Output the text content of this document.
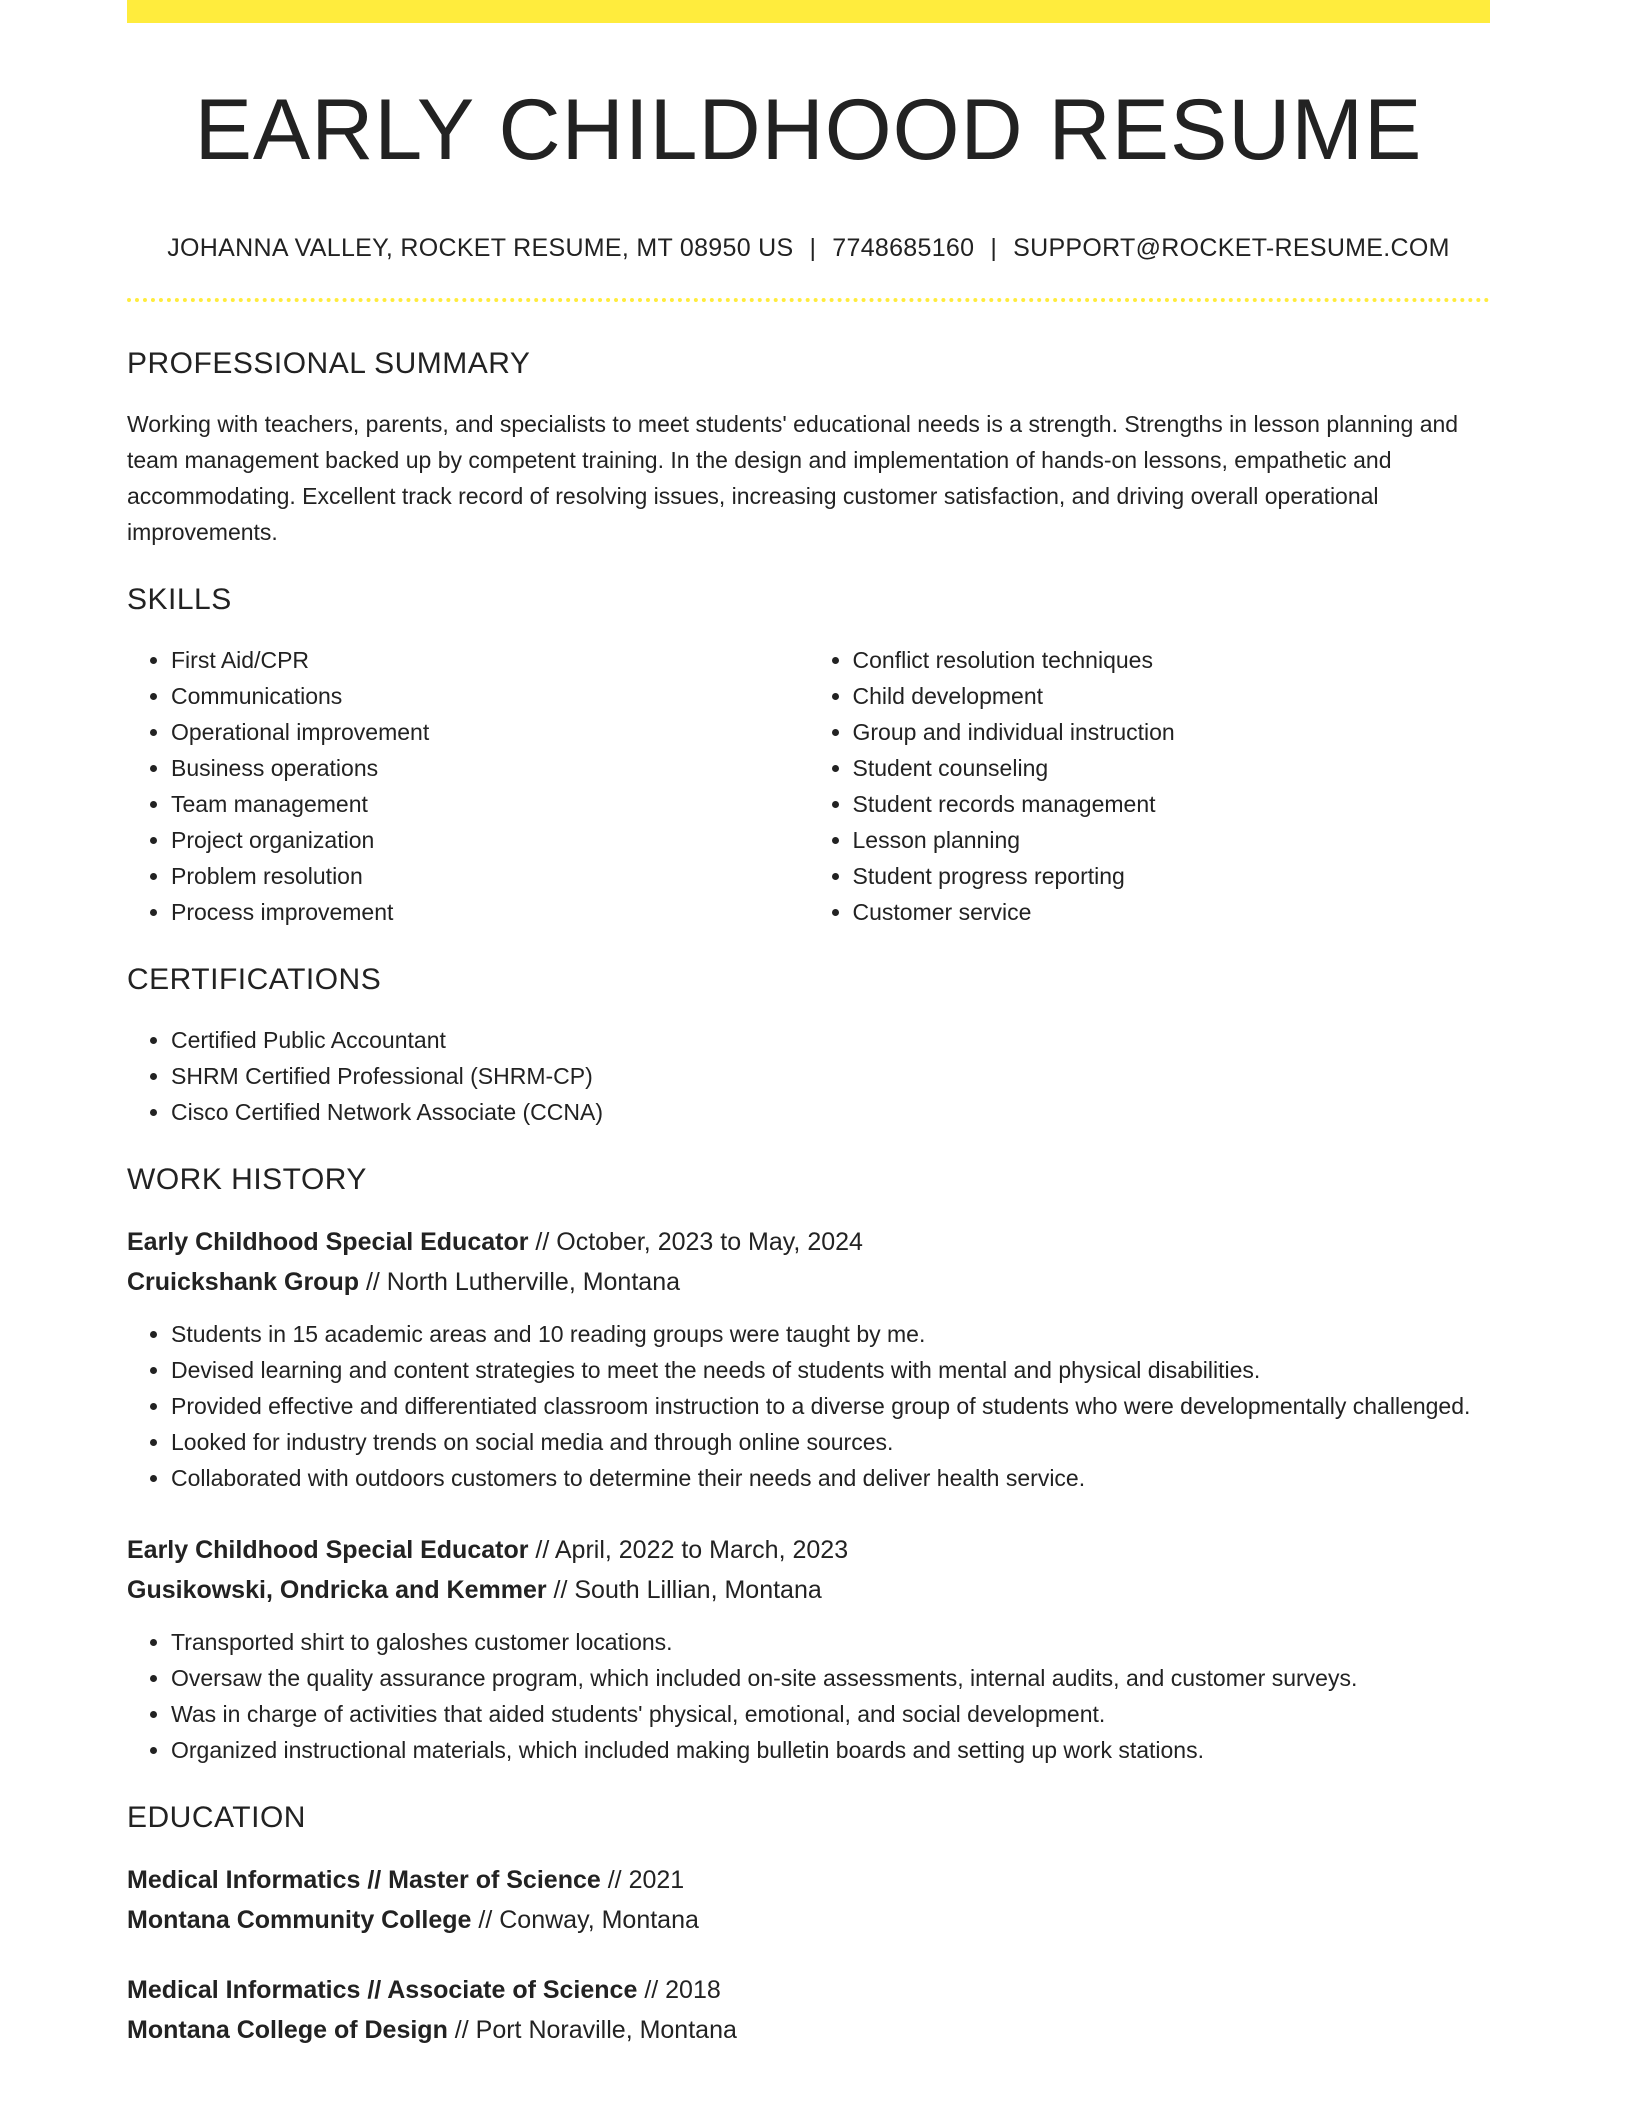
EARLY CHILDHOOD RESUME
JOHANNA VALLEY, ROCKET RESUME, MT 08950 US | 7748685160 | SUPPORT@ROCKET-RESUME.COM
PROFESSIONAL SUMMARY
Working with teachers, parents, and specialists to meet students' educational needs is a strength. Strengths in lesson planning and team management backed up by competent training. In the design and implementation of hands-on lessons, empathetic and accommodating. Excellent track record of resolving issues, increasing customer satisfaction, and driving overall operational improvements.
SKILLS
• First Aid/CPR
• Communications
• Operational improvement
• Business operations
• Team management
• Project organization
• Problem resolution
• Process improvement
• Conflict resolution techniques
• Child development
• Group and individual instruction
• Student counseling
• Student records management
• Lesson planning
• Student progress reporting
• Customer service
CERTIFICATIONS
• Certified Public Accountant
• SHRM Certified Professional (SHRM-CP)
• Cisco Certified Network Associate (CCNA)
WORK HISTORY
Early Childhood Special Educator // October, 2023 to May, 2024
Cruickshank Group // North Lutherville, Montana
• Students in 15 academic areas and 10 reading groups were taught by me.
• Devised learning and content strategies to meet the needs of students with mental and physical disabilities.
• Provided effective and differentiated classroom instruction to a diverse group of students who were developmentally challenged.
• Looked for industry trends on social media and through online sources.
• Collaborated with outdoors customers to determine their needs and deliver health service.
Early Childhood Special Educator // April, 2022 to March, 2023
Gusikowski, Ondricka and Kemmer // South Lillian, Montana
• Transported shirt to galoshes customer locations.
• Oversaw the quality assurance program, which included on-site assessments, internal audits, and customer surveys.
• Was in charge of activities that aided students' physical, emotional, and social development.
• Organized instructional materials, which included making bulletin boards and setting up work stations.
EDUCATION
Medical Informatics // Master of Science // 2021
Montana Community College // Conway, Montana
Medical Informatics // Associate of Science // 2018
Montana College of Design // Port Noraville, Montana
